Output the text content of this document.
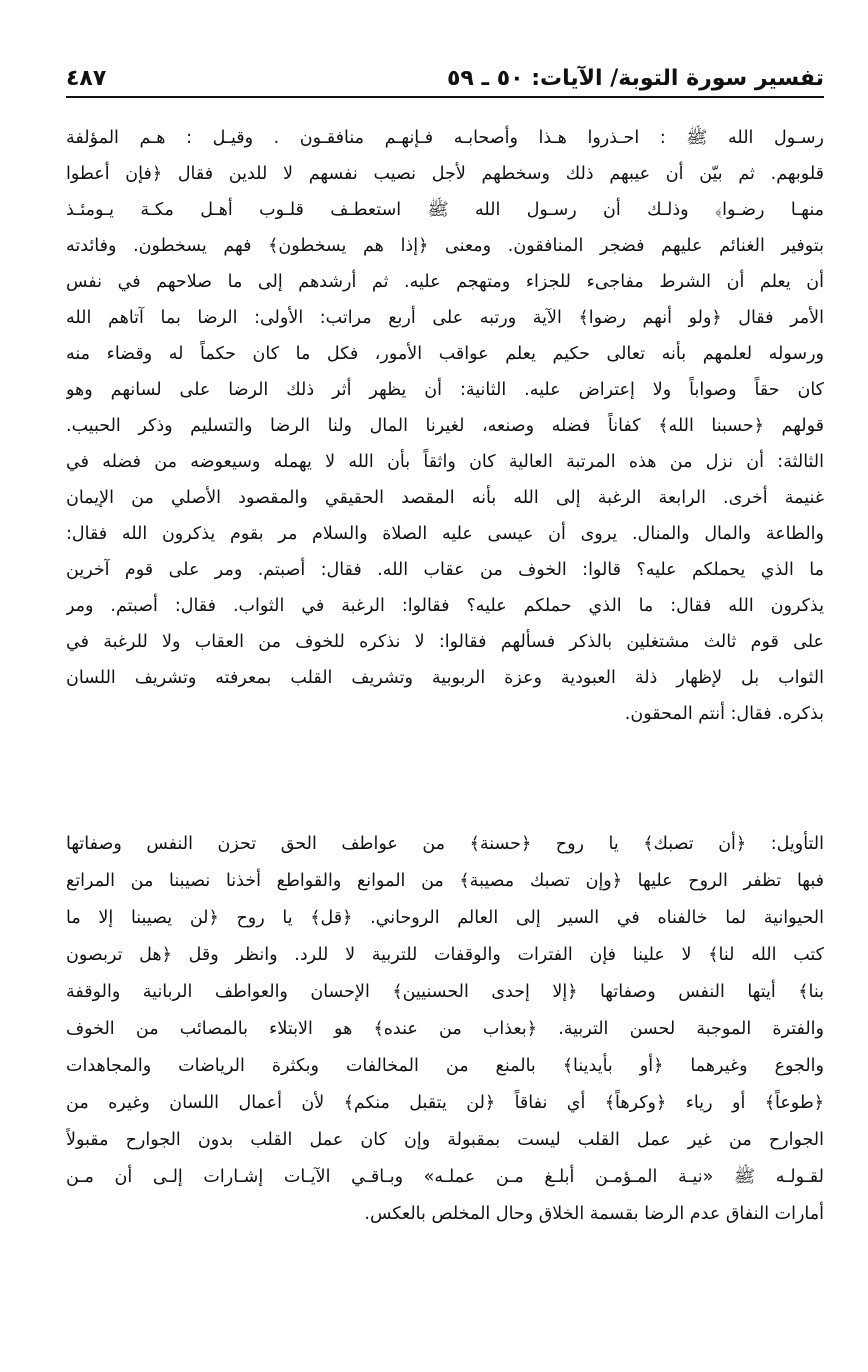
تفسير سورة التوبة/ الآيات: ٥٠ ـ ٥٩
٤٨٧
رسـول الله ﷺ : احـذروا هـذا وأصحابـه فـإنهـم منافقـون . وقيـل : هـم المؤلفة
قلوبهم. ثم بيّن أن عيبهم ذلك وسخطهم لأجل نصيب نفسهم لا للدين فقال ﴿فإن أعطوا
منهـا رضـوا﴾ وذلـك أن رسـول الله ﷺ استعطـف قلـوب أهـل مكـة يـومئـذ
بتوفير الغنائم عليهم فضجر المنافقون. ومعنى ﴿إذا هم يسخطون﴾ فهم يسخطون. وفائدته
أن يعلم أن الشرط مفاجىء للجزاء ومتهجم عليه. ثم أرشدهم إلى ما صلاحهم في نفس
الأمر فقال ﴿ولو أنهم رضوا﴾ الآية ورتبه على أربع مراتب: الأولى: الرضا بما آتاهم الله
ورسوله لعلمهم بأنه تعالى حكيم يعلم عواقب الأمور، فكل ما كان حكماً له وقضاء منه
كان حقاً وصواباً ولا إعتراض عليه. الثانية: أن يظهر أثر ذلك الرضا على لسانهم وهو
قولهم ﴿حسبنا الله﴾ كفاناً فضله وصنعه، لغيرنا المال ولنا الرضا والتسليم وذكر الحبيب.
الثالثة: أن نزل من هذه المرتبة العالية كان واثقاً بأن الله لا يهمله وسيعوضه من فضله في
غنيمة أخرى. الرابعة الرغبة إلى الله بأنه المقصد الحقيقي والمقصود الأصلي من الإيمان
والطاعة والمال والمنال. يروى أن عيسى عليه الصلاة والسلام مر بقوم يذكرون الله فقال:
ما الذي يحملكم عليه؟ قالوا: الخوف من عقاب الله. فقال: أصبتم. ومر على قوم آخرين
يذكرون الله فقال: ما الذي حملكم عليه؟ فقالوا: الرغبة في الثواب. فقال: أصبتم. ومر
على قوم ثالث مشتغلين بالذكر فسألهم فقالوا: لا نذكره للخوف من العقاب ولا للرغبة في
الثواب بل لإظهار ذلة العبودية وعزة الربوبية وتشريف القلب بمعرفته وتشريف اللسان
بذكره. فقال: أنتم المحقون.
التأويل: ﴿أن تصبك﴾ يا روح ﴿حسنة﴾ من عواطف الحق تحزن النفس وصفاتها
فبها تظفر الروح عليها ﴿وإن تصبك مصيبة﴾ من الموانع والقواطع أخذنا نصيبنا من المراتع
الحيوانية لما خالفناه في السير إلى العالم الروحاني. ﴿قل﴾ يا روح ﴿لن يصيبنا إلا ما
كتب الله لنا﴾ لا علينا فإن الفترات والوقفات للتربية لا للرد. وانظر وقل ﴿هل تربصون
بنا﴾ أيتها النفس وصفاتها ﴿إلا إحدى الحسنيين﴾ الإحسان والعواطف الربانية والوقفة
والفترة الموجبة لحسن التربية. ﴿بعذاب من عنده﴾ هو الابتلاء بالمصائب من الخوف
والجوع وغيرهما ﴿أو بأيدينا﴾ بالمنع من المخالفات وبكثرة الرياضات والمجاهدات
﴿طوعاً﴾ أو رياء ﴿وكرهاً﴾ أي نفاقاً ﴿لن يتقبل منكم﴾ لأن أعمال اللسان وغيره من
الجوارح من غير عمل القلب ليست بمقبولة وإن كان عمل القلب بدون الجوارح مقبولاً
لقـولـه ﷺ «نيـة المـؤمـن أبلـغ مـن عملـه» وبـاقـي الآيـات إشـارات إلـى أن مـن
أمارات النفاق عدم الرضا بقسمة الخلاق وحال المخلص بالعكس.
